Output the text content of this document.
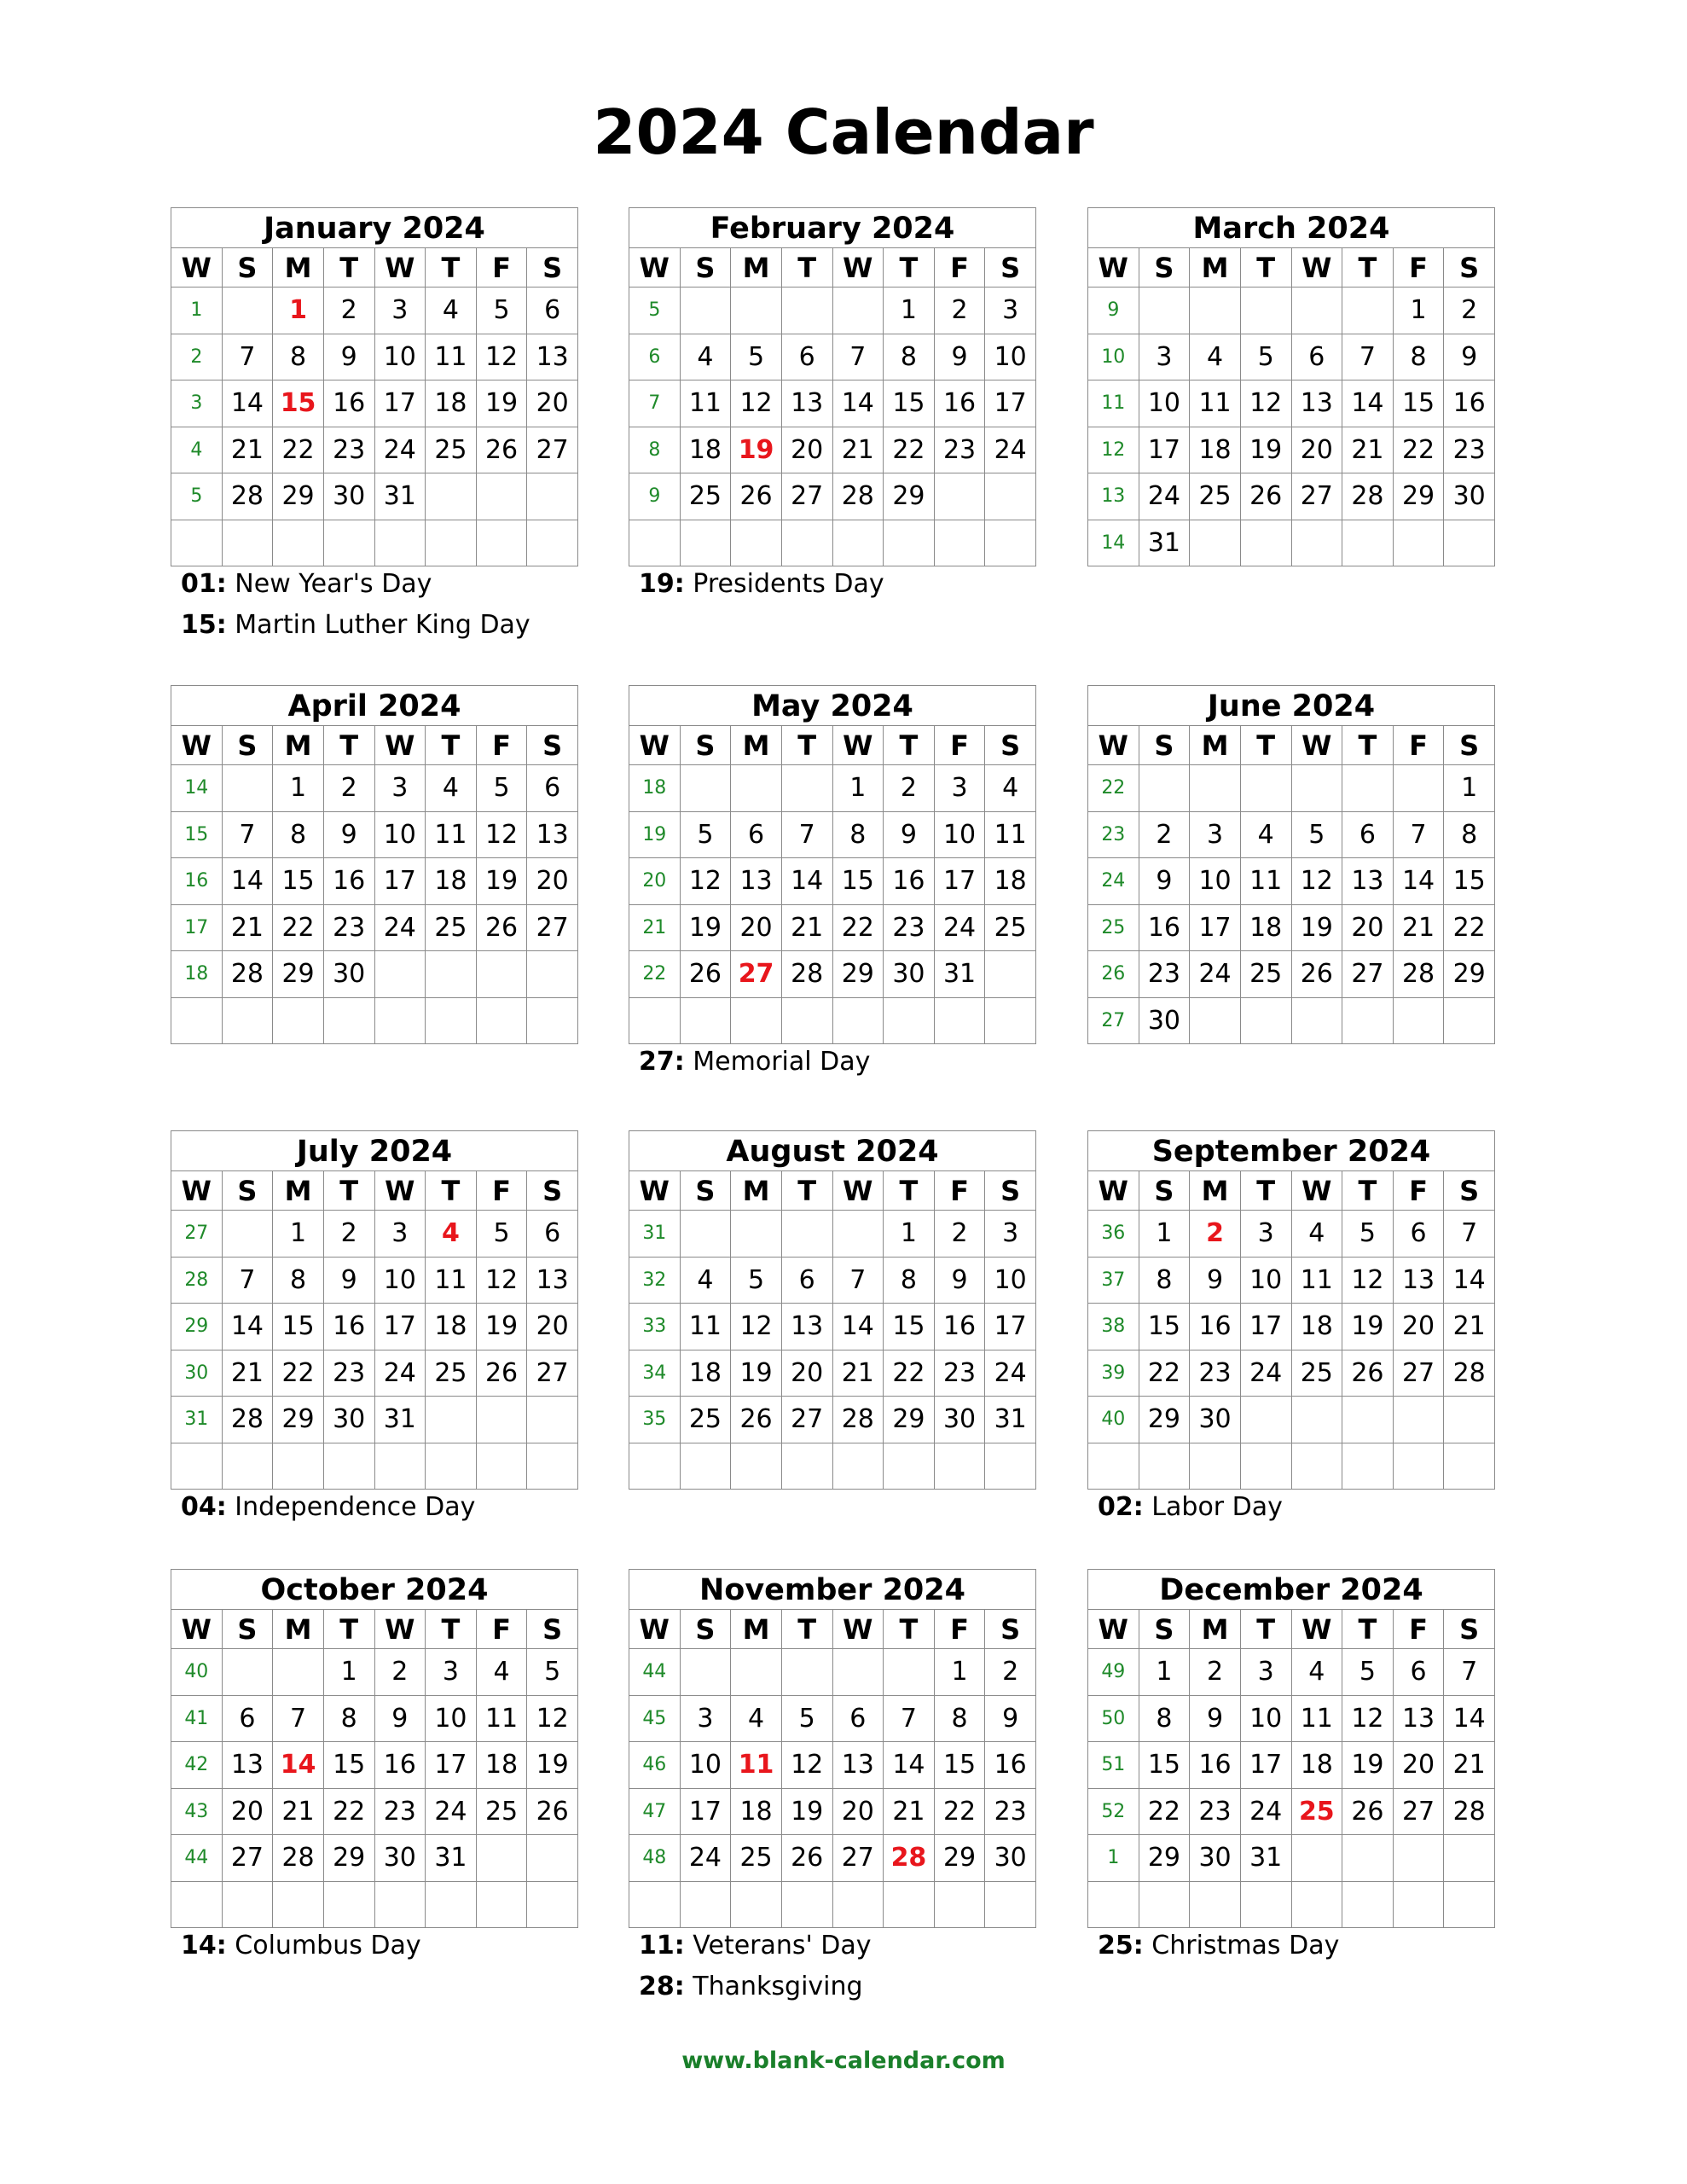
2024 Calendar
January 2024							
W	S	M	T	W	T	F	S
1		1	2	3	4	5	6
2	7	8	9	10	11	12	13
3	14	15	16	17	18	19	20
4	21	22	23	24	25	26	27
5	28	29	30	31			

01: New Year's Day
15: Martin Luther King Day
February 2024							
W	S	M	T	W	T	F	S
5					1	2	3
6	4	5	6	7	8	9	10
7	11	12	13	14	15	16	17
8	18	19	20	21	22	23	24
9	25	26	27	28	29		

19: Presidents Day
March 2024							
W	S	M	T	W	T	F	S
9						1	2
10	3	4	5	6	7	8	9
11	10	11	12	13	14	15	16
12	17	18	19	20	21	22	23
13	24	25	26	27	28	29	30
14	31						
April 2024							
W	S	M	T	W	T	F	S
14		1	2	3	4	5	6
15	7	8	9	10	11	12	13
16	14	15	16	17	18	19	20
17	21	22	23	24	25	26	27
18	28	29	30				

May 2024							
W	S	M	T	W	T	F	S
18				1	2	3	4
19	5	6	7	8	9	10	11
20	12	13	14	15	16	17	18
21	19	20	21	22	23	24	25
22	26	27	28	29	30	31	

27: Memorial Day
June 2024							
W	S	M	T	W	T	F	S
22							1
23	2	3	4	5	6	7	8
24	9	10	11	12	13	14	15
25	16	17	18	19	20	21	22
26	23	24	25	26	27	28	29
27	30						
July 2024							
W	S	M	T	W	T	F	S
27		1	2	3	4	5	6
28	7	8	9	10	11	12	13
29	14	15	16	17	18	19	20
30	21	22	23	24	25	26	27
31	28	29	30	31			

04: Independence Day
August 2024							
W	S	M	T	W	T	F	S
31					1	2	3
32	4	5	6	7	8	9	10
33	11	12	13	14	15	16	17
34	18	19	20	21	22	23	24
35	25	26	27	28	29	30	31

September 2024							
W	S	M	T	W	T	F	S
36	1	2	3	4	5	6	7
37	8	9	10	11	12	13	14
38	15	16	17	18	19	20	21
39	22	23	24	25	26	27	28
40	29	30					

02: Labor Day
October 2024							
W	S	M	T	W	T	F	S
40			1	2	3	4	5
41	6	7	8	9	10	11	12
42	13	14	15	16	17	18	19
43	20	21	22	23	24	25	26
44	27	28	29	30	31		

14: Columbus Day
November 2024							
W	S	M	T	W	T	F	S
44						1	2
45	3	4	5	6	7	8	9
46	10	11	12	13	14	15	16
47	17	18	19	20	21	22	23
48	24	25	26	27	28	29	30

11: Veterans' Day
28: Thanksgiving
December 2024							
W	S	M	T	W	T	F	S
49	1	2	3	4	5	6	7
50	8	9	10	11	12	13	14
51	15	16	17	18	19	20	21
52	22	23	24	25	26	27	28
1	29	30	31				

25: Christmas Day
www.blank-calendar.com
